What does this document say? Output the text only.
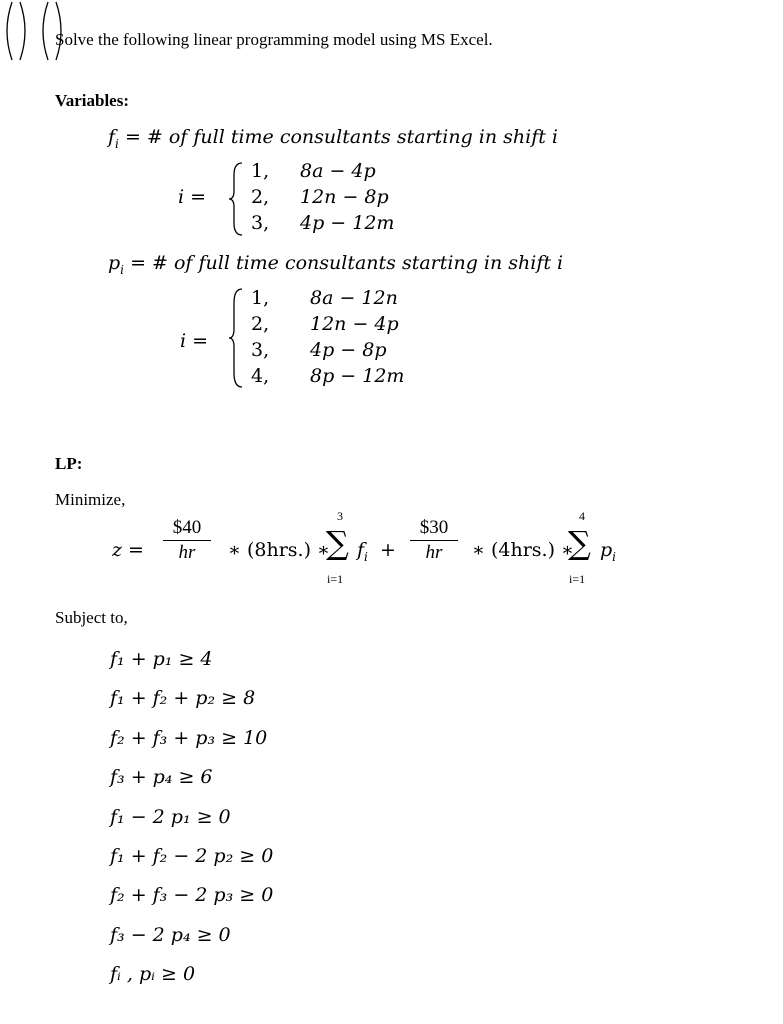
Solve the following linear programming model using MS Excel.
Variables:
$f_i$ = # of full time consultants starting in shift i
i =
1, 8a − 4p
2, 12n − 8p
3, 4p − 12m
$p_i$ = # of full time consultants starting in shift i
i =
1, 8a − 12n
2, 12n − 4p
3, 4p − 8p
4, 8p − 12m
LP:
Minimize,
z =

$40
hr
	∗ (8hrs.) ∗
3
∑
i=1
$f_i$ +

$30
hr	∗ (4hrs.) ∗
4
∑
i=1
$p_i$
Subject to,
f₁ + p₁ ≥ 4
f₁ + f₂ + p₂ ≥ 8
f₂ + f₃ + p₃ ≥ 10
f₃ + p₄ ≥ 6
f₁ − 2 p₁ ≥ 0
f₁ + f₂ − 2 p₂ ≥ 0
f₂ + f₃ − 2 p₃ ≥ 0
f₃ − 2 p₄ ≥ 0
fᵢ , pᵢ ≥ 0
